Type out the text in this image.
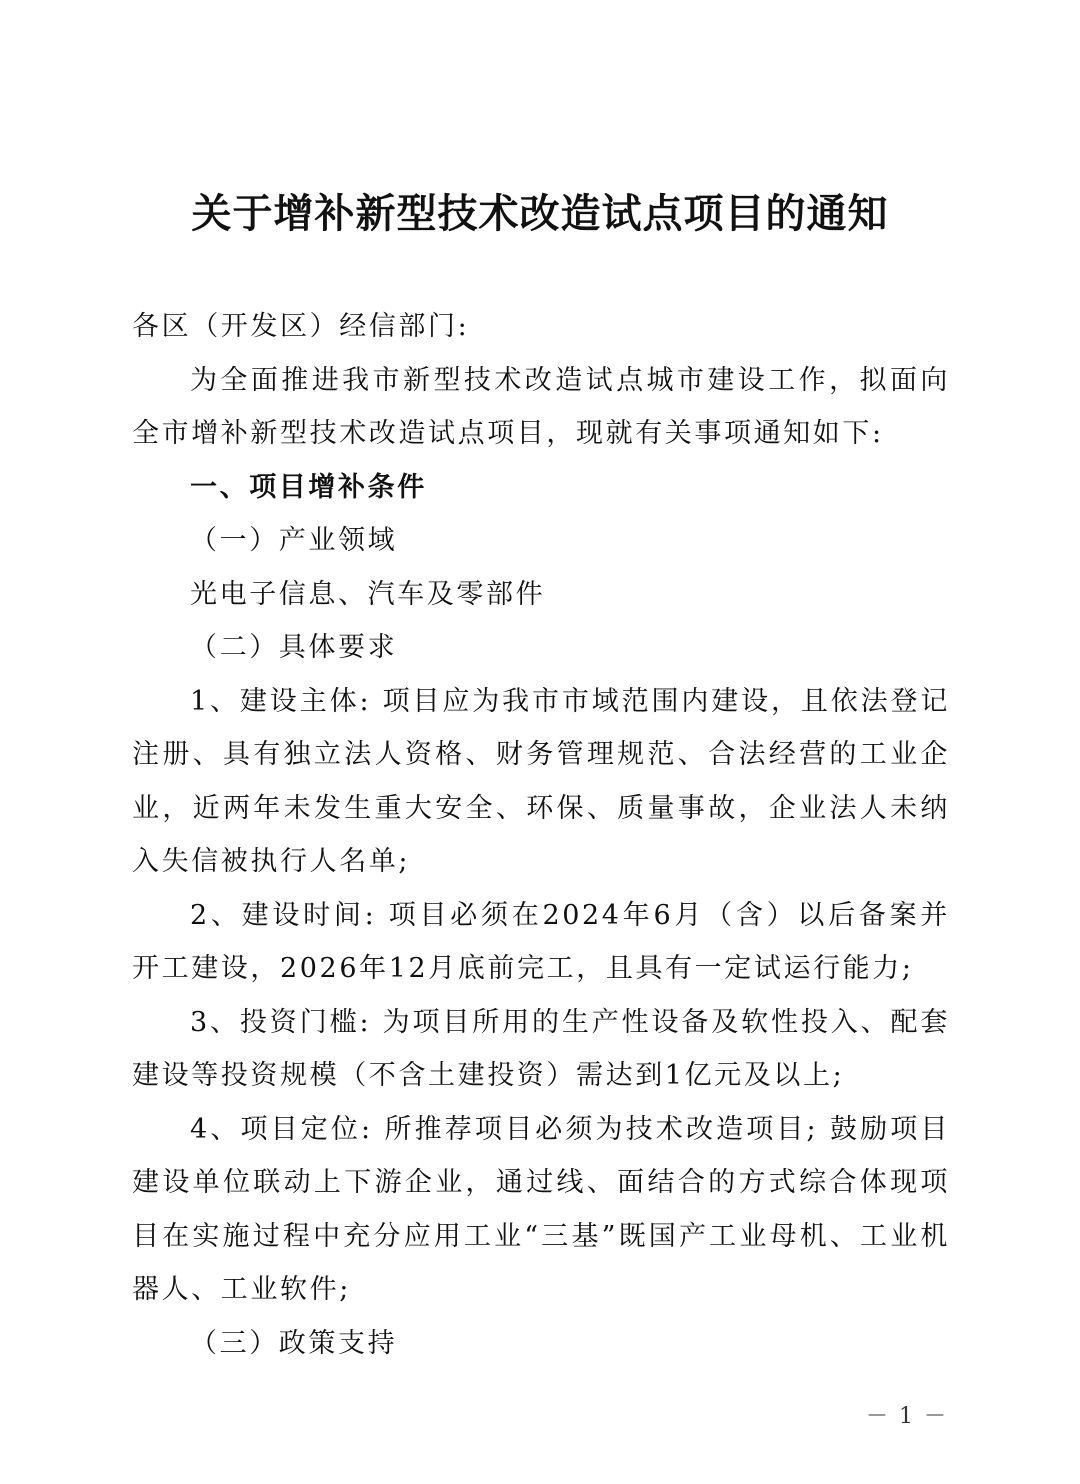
关于增补新型技术改造试点项目的通知

各区（开发区）经信部门:

为全面推进我市新型技术改造试点城市建设工作，拟面向全市增补新型技术改造试点项目，现就有关事项通知如下:

一、项目增补条件

（一）产业领域

光电子信息、汽车及零部件

（二）具体要求

1、建设主体: 项目应为我市市域范围内建设，且依法登记注册、具有独立法人资格、财务管理规范、合法经营的工业企业，近两年未发生重大安全、环保、质量事故，企业法人未纳入失信被执行人名单;

2、建设时间: 项目必须在2024年6月（含）以后备案并开工建设，2026年12月底前完工，且具有一定试运行能力;

3、投资门槛: 为项目所用的生产性设备及软性投入、配套建设等投资规模（不含土建投资）需达到1亿元及以上;

4、项目定位: 所推荐项目必须为技术改造项目; 鼓励项目建设单位联动上下游企业，通过线、面结合的方式综合体现项目在实施过程中充分应用工业“三基”既国产工业母机、工业机器人、工业软件;

（三）政策支持

－ 1 －
